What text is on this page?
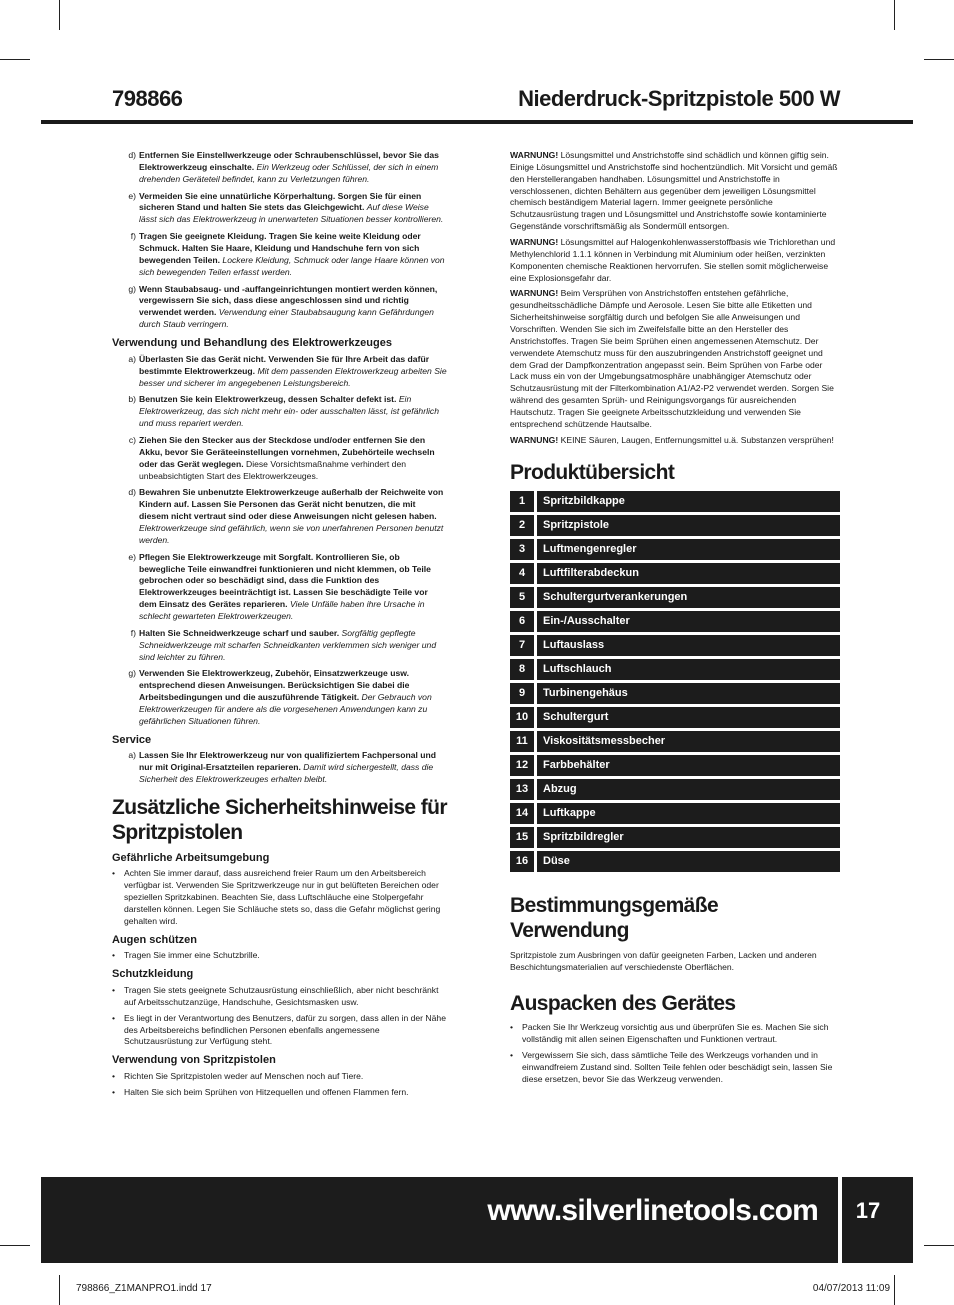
798866	Niederdruck-Spritzpistole 500 W
d) Entfernen Sie Einstellwerkzeuge oder Schraubenschlüssel, bevor Sie das Elektrowerkzeug einschalte. Ein Werkzeug oder Schlüssel, der sich in einem drehenden Geräteteil befindet, kann zu Verletzungen führen.
e) Vermeiden Sie eine unnatürliche Körperhaltung. Sorgen Sie für einen sicheren Stand und halten Sie stets das Gleichgewicht. Auf diese Weise lässt sich das Elektrowerkzeug in unerwarteten Situationen besser kontrollieren.
f) Tragen Sie geeignete Kleidung. Tragen Sie keine weite Kleidung oder Schmuck. Halten Sie Haare, Kleidung und Handschuhe fern von sich bewegenden Teilen. Lockere Kleidung, Schmuck oder lange Haare können von sich bewegenden Teilen erfasst werden.
g) Wenn Staubabsaug- und -auffangeinrichtungen montiert werden können, vergewissern Sie sich, dass diese angeschlossen sind und richtig verwendet werden. Verwendung einer Staubabsaugung kann Gefährdungen durch Staub verringern.
Verwendung und Behandlung des Elektrowerkzeuges
a) Überlasten Sie das Gerät nicht. Verwenden Sie für Ihre Arbeit das dafür bestimmte Elektrowerkzeug. Mit dem passenden Elektrowerkzeug arbeiten Sie besser und sicherer im angegebenen Leistungsbereich.
b) Benutzen Sie kein Elektrowerkzeug, dessen Schalter defekt ist. Ein Elektrowerkzeug, das sich nicht mehr ein- oder ausschalten lässt, ist gefährlich und muss repariert werden.
c) Ziehen Sie den Stecker aus der Steckdose und/oder entfernen Sie den Akku, bevor Sie Geräteeinstellungen vornehmen, Zubehörteile wechseln oder das Gerät weglegen. Diese Vorsichtsmaßnahme verhindert den unbeabsichtigten Start des Elektrowerkzeuges.
d) Bewahren Sie unbenutzte Elektrowerkzeuge außerhalb der Reichweite von Kindern auf. Lassen Sie Personen das Gerät nicht benutzen, die mit diesem nicht vertraut sind oder diese Anweisungen nicht gelesen haben. Elektrowerkzeuge sind gefährlich, wenn sie von unerfahrenen Personen benutzt werden.
e) Pflegen Sie Elektrowerkzeuge mit Sorgfalt. Kontrollieren Sie, ob bewegliche Teile einwandfrei funktionieren und nicht klemmen, ob Teile gebrochen oder so beschädigt sind, dass die Funktion des Elektrowerkzeuges beeinträchtigt ist. Lassen Sie beschädigte Teile vor dem Einsatz des Gerätes reparieren. Viele Unfälle haben ihre Ursache in schlecht gewarteten Elektrowerkzeugen.
f) Halten Sie Schneidwerkzeuge scharf und sauber. Sorgfältig gepflegte Schneidwerkzeuge mit scharfen Schneidkanten verklemmen sich weniger und sind leichter zu führen.
g) Verwenden Sie Elektrowerkzeug, Zubehör, Einsatzwerkzeuge usw. entsprechend diesen Anweisungen. Berücksichtigen Sie dabei die Arbeitsbedingungen und die auszuführende Tätigkeit. Der Gebrauch von Elektrowerkzeugen für andere als die vorgesehenen Anwendungen kann zu gefährlichen Situationen führen.
Service
a) Lassen Sie Ihr Elektrowerkzeug nur von qualifiziertem Fachpersonal und nur mit Original-Ersatzteilen reparieren. Damit wird sichergestellt, dass die Sicherheit des Elektrowerkzeuges erhalten bleibt.
Zusätzliche Sicherheitshinweise für Spritzpistolen
Gefährliche Arbeitsumgebung
•	Achten Sie immer darauf, dass ausreichend freier Raum um den Arbeitsbereich verfügbar ist. Verwenden Sie Spritzwerkzeuge nur in gut belüfteten Bereichen oder speziellen Spritzkabinen. Beachten Sie, dass Luftschläuche eine Stolpergefahr darstellen können. Legen Sie Schläuche stets so, dass die Gefahr möglichst gering gehalten wird.
Augen schützen
•	Tragen Sie immer eine Schutzbrille.
Schutzkleidung
•	Tragen Sie stets geeignete Schutzausrüstung einschließlich, aber nicht beschränkt auf Arbeitsschutzanzüge, Handschuhe, Gesichtsmasken usw.
•	Es liegt in der Verantwortung des Benutzers, dafür zu sorgen, dass allen in der Nähe des Arbeitsbereichs befindlichen Personen ebenfalls angemessene Schutzausrüstung zur Verfügung steht.
Verwendung von Spritzpistolen
•	Richten Sie Spritzpistolen weder auf Menschen noch auf Tiere.
•	Halten Sie sich beim Sprühen von Hitzequellen und offenen Flammen fern.
WARNUNG! Lösungsmittel und Anstrichstoffe sind schädlich und können giftig sein. Einige Lösungsmittel und Anstrichstoffe sind hochentzündlich. Mit Vorsicht und gemäß den Herstellerangaben handhaben. Lösungsmittel und Anstrichstoffe in verschlossenen, dichten Behältern aus gegenüber dem jeweiligen Lösungsmittel chemisch beständigem Material lagern. Immer geeignete persönliche Schutzausrüstung tragen und Lösungsmittel und Anstrichstoffe sowie kontaminierte Gegenstände vorschriftsmäßig als Sondermüll entsorgen.
WARNUNG! Lösungsmittel auf Halogenkohlenwasserstoffbasis wie Trichlorethan und Methylenchlorid 1.1.1 können in Verbindung mit Aluminium oder heißen, verzinkten Komponenten chemische Reaktionen hervorrufen. Sie stellen somit möglicherweise eine Explosionsgefahr dar.
WARNUNG! Beim Versprühen von Anstrichstoffen entstehen gefährliche, gesundheitsschädliche Dämpfe und Aerosole. Lesen Sie bitte alle Etiketten und Sicherheitshinweise sorgfältig durch und befolgen Sie alle Anweisungen und Vorschriften. Wenden Sie sich im Zweifelsfalle bitte an den Hersteller des Anstrichstoffes. Tragen Sie beim Sprühen einen angemessenen Atemschutz. Der verwendete Atemschutz muss für den auszubringenden Anstrichstoff geeignet und dem Grad der Dampfkonzentration angepasst sein. Beim Sprühen von Farbe oder Lack muss ein von der Umgebungsatmosphäre unabhängiger Atemschutz oder Schutzausrüstung mit der Filterkombination A1/A2-P2 verwendet werden. Sorgen Sie während des gesamten Sprüh- und Reinigungsvorgangs für ausreichenden Hautschutz. Tragen Sie geeignete Arbeitsschutzkleidung und verwenden Sie entsprechend schützende Hautsalbe.
WARNUNG! KEINE Säuren, Laugen, Entfernungsmittel u.ä. Substanzen versprühen!
Produktübersicht
1	Spritzbildkappe
2	Spritzpistole
3	Luftmengenregler
4	Luftfilterabdeckun
5	Schultergurtverankerungen
6	Ein-/Ausschalter
7	Luftauslass
8	Luftschlauch
9	Turbinengehäus
10	Schultergurt
11	Viskositätsmessbecher
12	Farbbehälter
13	Abzug
14	Luftkappe
15	Spritzbildregler
16	Düse
Bestimmungsgemäße Verwendung
Spritzpistole zum Ausbringen von dafür geeigneten Farben, Lacken und anderen Beschichtungsmaterialien auf verschiedenste Oberflächen.
Auspacken des Gerätes
•	Packen Sie Ihr Werkzeug vorsichtig aus und überprüfen Sie es. Machen Sie sich vollständig mit allen seinen Eigenschaften und Funktionen vertraut.
•	Vergewissern Sie sich, dass sämtliche Teile des Werkzeugs vorhanden und in einwandfreiem Zustand sind. Sollten Teile fehlen oder beschädigt sein, lassen Sie diese ersetzen, bevor Sie das Werkzeug verwenden.
www.silverlinetools.com	17
798866_Z1MANPRO1.indd 17	04/07/2013 11:09
